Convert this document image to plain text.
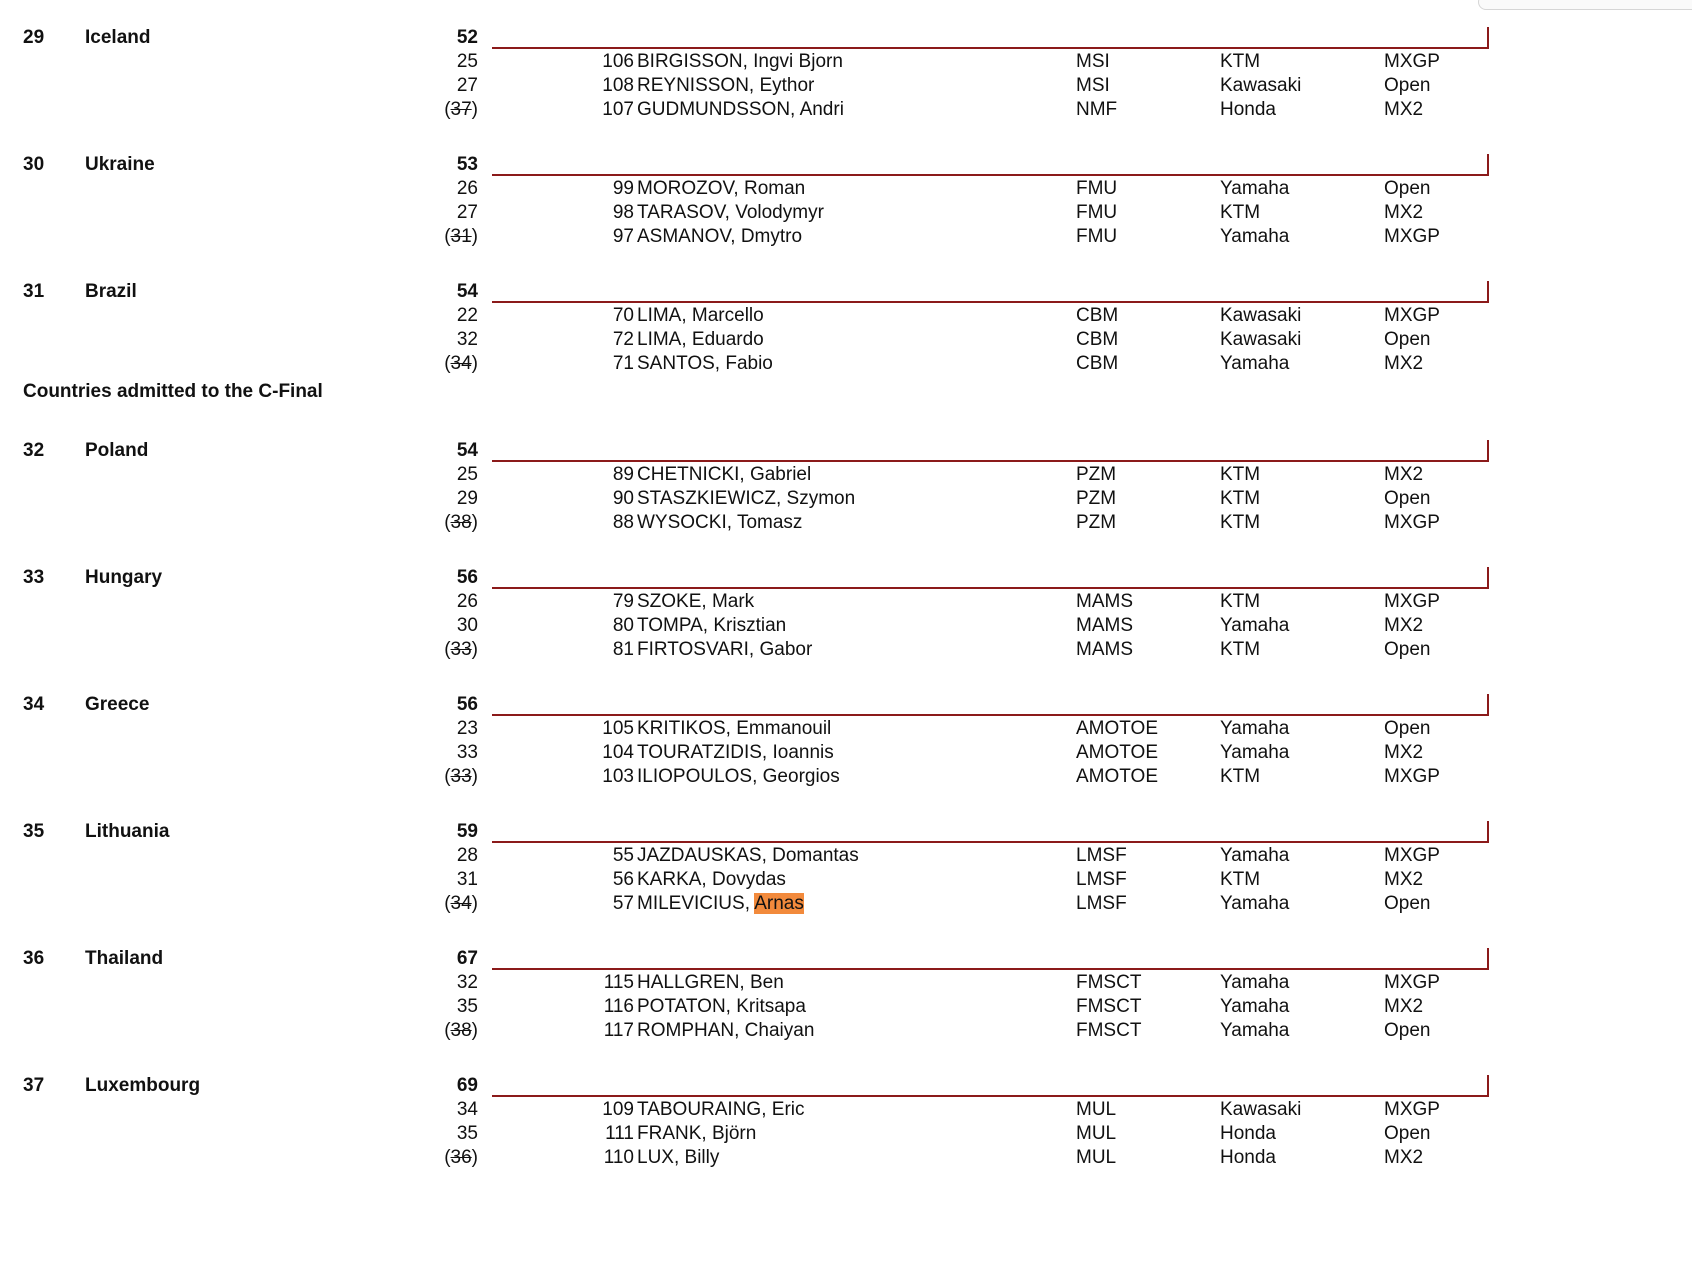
Countries admitted to the C-Final
29 Iceland	52
25	106 BIRGISSON, Ingvi Bjorn	MSI	KTM	MXGP
27	108 REYNISSON, Eythor	MSI	Kawasaki	Open
(37)	107 GUDMUNDSSON, Andri	NMF	Honda	MX2
30 Ukraine	53
26	99 MOROZOV, Roman	FMU	Yamaha	Open
27	98 TARASOV, Volodymyr	FMU	KTM	MX2
(31)	97 ASMANOV, Dmytro	FMU	Yamaha	MXGP
31 Brazil	54
22	70 LIMA, Marcello	CBM	Kawasaki	MXGP
32	72 LIMA, Eduardo	CBM	Kawasaki	Open
(34)	71 SANTOS, Fabio	CBM	Yamaha	MX2
32 Poland	54
25	89 CHETNICKI, Gabriel	PZM	KTM	MX2
29	90 STASZKIEWICZ, Szymon	PZM	KTM	Open
(38)	88 WYSOCKI, Tomasz	PZM	KTM	MXGP
33 Hungary	56
26	79 SZOKE, Mark	MAMS	KTM	MXGP
30	80 TOMPA, Krisztian	MAMS	Yamaha	MX2
(33)	81 FIRTOSVARI, Gabor	MAMS	KTM	Open
34 Greece	56
23	105 KRITIKOS, Emmanouil	AMOTOE	Yamaha	Open
33	104 TOURATZIDIS, Ioannis	AMOTOE	Yamaha	MX2
(33)	103 ILIOPOULOS, Georgios	AMOTOE	KTM	MXGP
35 Lithuania	59
28	55 JAZDAUSKAS, Domantas	LMSF	Yamaha	MXGP
31	56 KARKA, Dovydas	LMSF	KTM	MX2
(34)	57 MILEVICIUS, Arnas	LMSF	Yamaha	Open
36 Thailand	67
32	115 HALLGREN, Ben	FMSCT	Yamaha	MXGP
35	116 POTATON, Kritsapa	FMSCT	Yamaha	MX2
(38)	117 ROMPHAN, Chaiyan	FMSCT	Yamaha	Open
37 Luxembourg	69
34	109 TABOURAING, Eric	MUL	Kawasaki	MXGP
35	111 FRANK, Björn	MUL	Honda	Open
(36)	110 LUX, Billy	MUL	Honda	MX2
